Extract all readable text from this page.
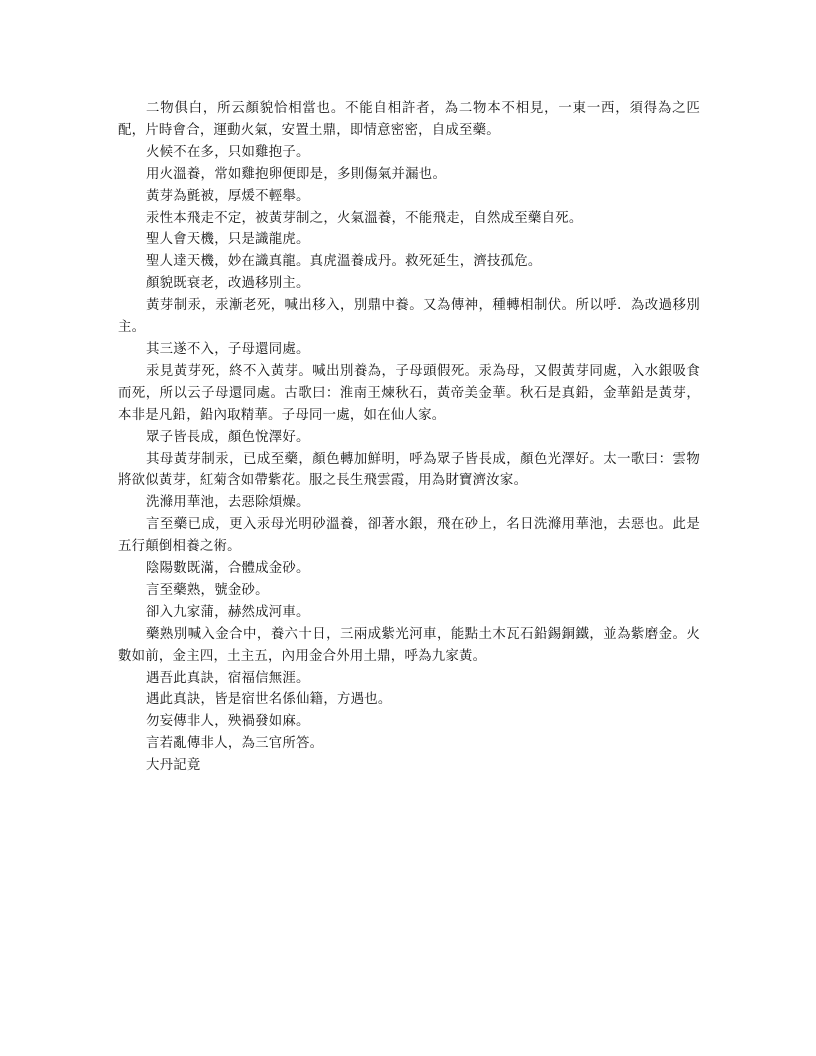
二物俱白，所云顏貌恰相當也。不能自相許者，為二物本不相見，一東一西，須得為之匹配，片時會合，運動火氣，安置土鼎，即情意密密，自成至藥。

火候不在多，只如雞抱子。

用火溫養，常如雞抱卵便即是，多則傷氣并漏也。

黃芽為氈被，厚煖不輕舉。

汞性本飛走不定，被黃芽制之，火氣溫養，不能飛走，自然成至藥自死。

聖人會天機，只是識龍虎。

聖人達天機，妙在識真龍。真虎溫養成丹。救死延生，濟技孤危。

顏貌既衰老，改過移別主。

黃芽制汞，汞漸老死，喊出移入，別鼎中養。又為傳神，種轉相制伏。所以呼．為改過移別主。

其三遂不入，子母還同處。

汞見黃芽死，終不入黃芽。喊出別養為，子母頭假死。汞為母，又假黃芽同處，入水銀吸食而死，所以云子母還同處。古歌曰：淮南王煉秋石，黃帝美金華。秋石是真鉛，金華鉛是黃芽，本非是凡鉛，鉛內取精華。子母同一處，如在仙人家。

眾子皆長成，顏色悅澤好。

其母黃芽制汞，已成至藥，顏色轉加鮮明，呼為眾子皆長成，顏色光澤好。太一歌曰：雲物將欲似黃芽，紅菊含如帶紫花。服之長生飛雲霞，用為財寶濟汝家。

洗滌用華池，去惡除煩燥。

言至藥已成，更入汞母光明砂溫養，卻著水銀，飛在砂上，名日洗滌用華池，去惡也。此是五行顛倒相養之術。

陰陽數既滿，合體成金砂。

言至藥熟，號金砂。

卻入九家蒲，赫然成河車。

藥熟別喊入金合中，養六十日，三兩成紫光河車，能點土木瓦石鉛錫銅鐵，並為紫磨金。火數如前，金主四，土主五，內用金合外用土鼎，呼為九家黃。

遇吾此真訣，宿福信無涯。

遇此真訣，皆是宿世名係仙籍，方遇也。

勿妄傳非人，殃禍發如麻。

言若亂傳非人，為三官所答。

大丹記竟
